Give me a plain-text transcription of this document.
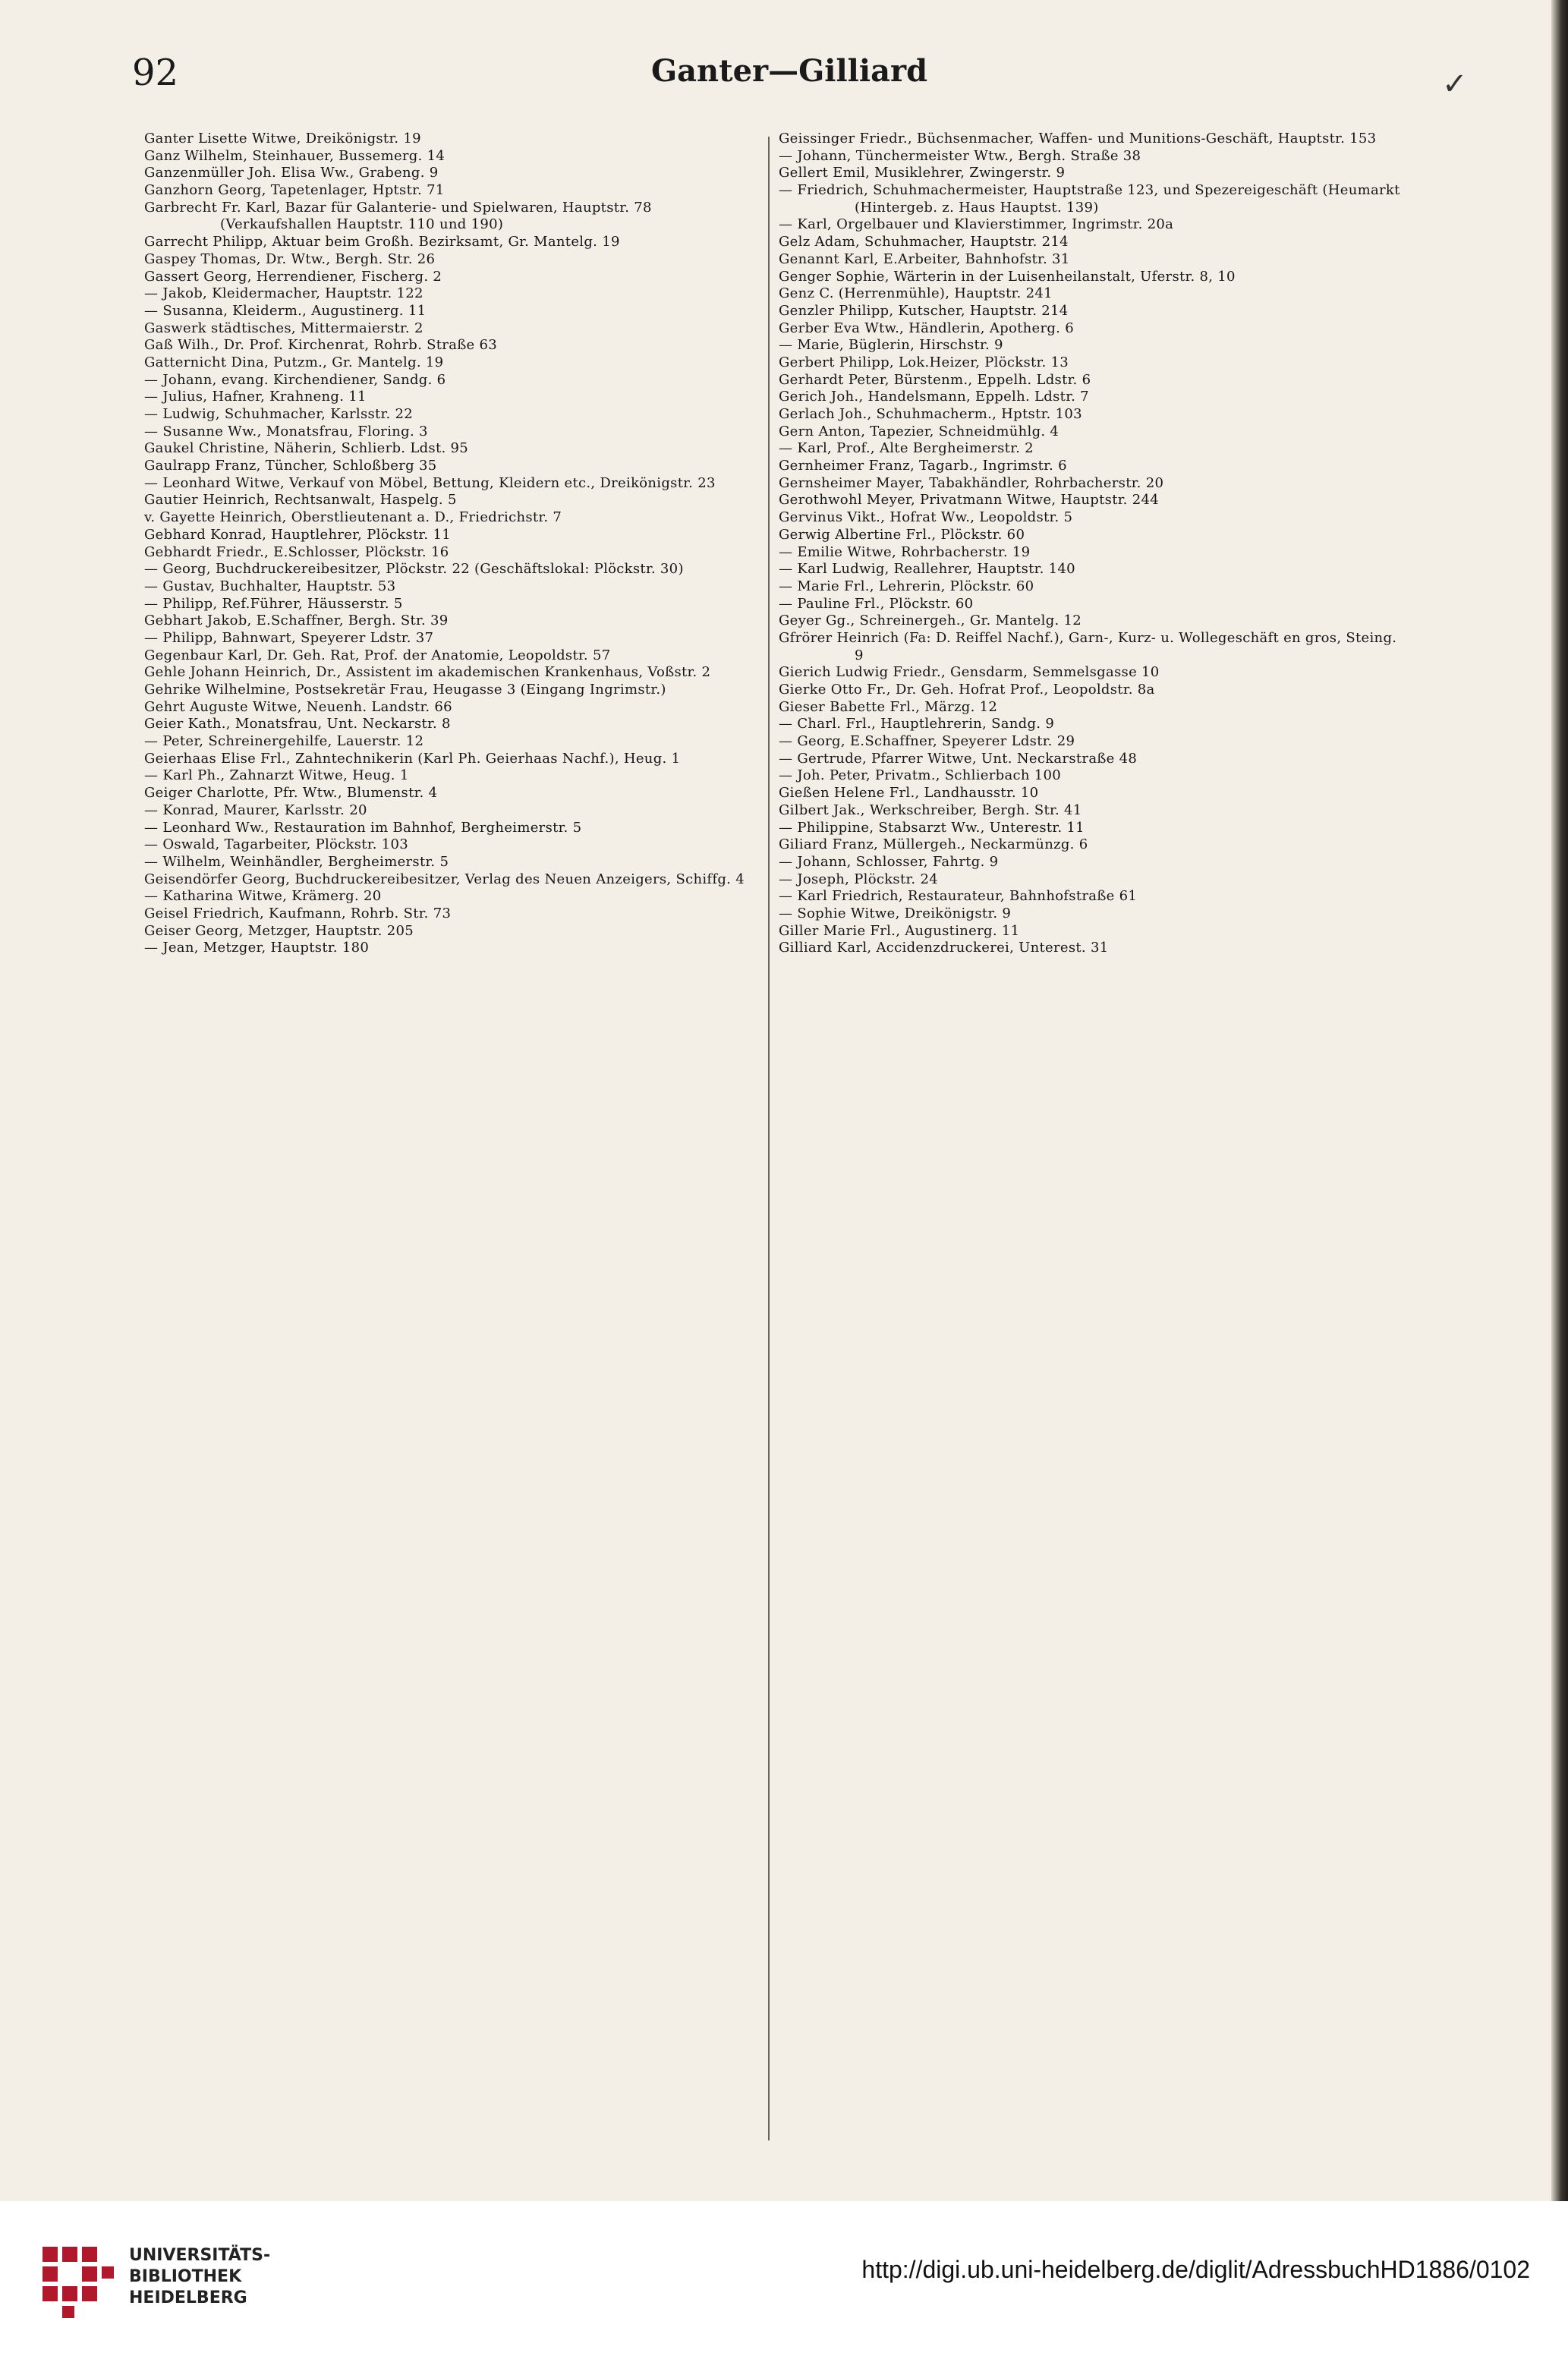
92	Ganter—Gilliard	✓
Ganter Lisette Witwe, Dreikönigstr. 19
Ganz Wilhelm, Steinhauer, Bussemerg. 14
Ganzenmüller Joh. Elisa Ww., Grabeng. 9
Ganzhorn Georg, Tapetenlager, Hptstr. 71
Garbrecht Fr. Karl, Bazar für Galanterie- und Spielwaren, Hauptstr. 78 (Verkaufshallen Hauptstr. 110 und 190)
Garrecht Philipp, Aktuar beim Großh. Bezirksamt, Gr. Mantelg. 19
Gaspey Thomas, Dr. Wtw., Bergh. Str. 26
Gassert Georg, Herrendiener, Fischerg. 2
— Jakob, Kleidermacher, Hauptstr. 122
— Susanna, Kleiderm., Augustinerg. 11
Gaswerk städtisches, Mittermaierstr. 2
Gaß Wilh., Dr. Prof. Kirchenrat, Rohrb. Straße 63
Gatternicht Dina, Putzm., Gr. Mantelg. 19
— Johann, evang. Kirchendiener, Sandg. 6
— Julius, Hafner, Krahneng. 11
— Ludwig, Schuhmacher, Karlsstr. 22
— Susanne Ww., Monatsfrau, Floring. 3
Gaukel Christine, Näherin, Schlierb. Ldst. 95
Gaulrapp Franz, Tüncher, Schloßberg 35
— Leonhard Witwe, Verkauf von Möbel, Bettung, Kleidern etc., Dreikönigstr. 23
Gautier Heinrich, Rechtsanwalt, Haspelg. 5
v. Gayette Heinrich, Oberstlieutenant a. D., Friedrichstr. 7
Gebhard Konrad, Hauptlehrer, Plöckstr. 11
Gebhardt Friedr., E.Schlosser, Plöckstr. 16
— Georg, Buchdruckereibesitzer, Plöckstr. 22 (Geschäftslokal: Plöckstr. 30)
— Gustav, Buchhalter, Hauptstr. 53
— Philipp, Ref.Führer, Häusserstr. 5
Gebhart Jakob, E.Schaffner, Bergh. Str. 39
— Philipp, Bahnwart, Speyerer Ldstr. 37
Gegenbaur Karl, Dr. Geh. Rat, Prof. der Anatomie, Leopoldstr. 57
Gehle Johann Heinrich, Dr., Assistent im akademischen Krankenhaus, Voßstr. 2
Gehrike Wilhelmine, Postsekretär Frau, Heugasse 3 (Eingang Ingrimstr.)
Gehrt Auguste Witwe, Neuenh. Landstr. 66
Geier Kath., Monatsfrau, Unt. Neckarstr. 8
— Peter, Schreinergehilfe, Lauerstr. 12
Geierhaas Elise Frl., Zahntechnikerin (Karl Ph. Geierhaas Nachf.), Heug. 1
— Karl Ph., Zahnarzt Witwe, Heug. 1
Geiger Charlotte, Pfr. Wtw., Blumenstr. 4
— Konrad, Maurer, Karlsstr. 20
— Leonhard Ww., Restauration im Bahnhof, Bergheimerstr. 5
— Oswald, Tagarbeiter, Plöckstr. 103
— Wilhelm, Weinhändler, Bergheimerstr. 5
Geisendörfer Georg, Buchdruckereibesitzer, Verlag des Neuen Anzeigers, Schiffg. 4
— Katharina Witwe, Krämerg. 20
Geisel Friedrich, Kaufmann, Rohrb. Str. 73
Geiser Georg, Metzger, Hauptstr. 205
— Jean, Metzger, Hauptstr. 180
Geissinger Friedr., Büchsenmacher, Waffen- und Munitions-Geschäft, Hauptstr. 153
— Johann, Tünchermeister Wtw., Bergh. Straße 38
Gellert Emil, Musiklehrer, Zwingerstr. 9
— Friedrich, Schuhmachermeister, Hauptstraße 123, und Spezereigeschäft (Heumarkt (Hintergeb. z. Haus Hauptst. 139)
— Karl, Orgelbauer und Klavierstimmer, Ingrimstr. 20a
Gelz Adam, Schuhmacher, Hauptstr. 214
Genannt Karl, E.Arbeiter, Bahnhofstr. 31
Genger Sophie, Wärterin in der Luisenheilanstalt, Uferstr. 8, 10
Genz C. (Herrenmühle), Hauptstr. 241
Genzler Philipp, Kutscher, Hauptstr. 214
Gerber Eva Wtw., Händlerin, Apotherg. 6
— Marie, Büglerin, Hirschstr. 9
Gerbert Philipp, Lok.Heizer, Plöckstr. 13
Gerhardt Peter, Bürstenm., Eppelh. Ldstr. 6
Gerich Joh., Handelsmann, Eppelh. Ldstr. 7
Gerlach Joh., Schuhmacherm., Hptstr. 103
Gern Anton, Tapezier, Schneidmühlg. 4
— Karl, Prof., Alte Bergheimerstr. 2
Gernheimer Franz, Tagarb., Ingrimstr. 6
Gernsheimer Mayer, Tabakhändler, Rohrbacherstr. 20
Gerothwohl Meyer, Privatmann Witwe, Hauptstr. 244
Gervinus Vikt., Hofrat Ww., Leopoldstr. 5
Gerwig Albertine Frl., Plöckstr. 60
— Emilie Witwe, Rohrbacherstr. 19
— Karl Ludwig, Reallehrer, Hauptstr. 140
— Marie Frl., Lehrerin, Plöckstr. 60
— Pauline Frl., Plöckstr. 60
Geyer Gg., Schreinergeh., Gr. Mantelg. 12
Gfrörer Heinrich (Fa: D. Reiffel Nachf.), Garn-, Kurz- u. Wollegeschäft en gros, Steing. 9
Gierich Ludwig Friedr., Gensdarm, Semmelsgasse 10
Gierke Otto Fr., Dr. Geh. Hofrat Prof., Leopoldstr. 8a
Gieser Babette Frl., Märzg. 12
— Charl. Frl., Hauptlehrerin, Sandg. 9
— Georg, E.Schaffner, Speyerer Ldstr. 29
— Gertrude, Pfarrer Witwe, Unt. Neckarstraße 48
— Joh. Peter, Privatm., Schlierbach 100
Gießen Helene Frl., Landhausstr. 10
Gilbert Jak., Werkschreiber, Bergh. Str. 41
— Philippine, Stabsarzt Ww., Unterestr. 11
Giliard Franz, Müllergeh., Neckarmünzg. 6
— Johann, Schlosser, Fahrtg. 9
— Joseph, Plöckstr. 24
— Karl Friedrich, Restaurateur, Bahnhofstraße 61
— Sophie Witwe, Dreikönigstr. 9
Giller Marie Frl., Augustinerg. 11
Gilliard Karl, Accidenzdruckerei, Unterest. 31
UNIVERSITÄTS-
BIBLIOTHEK
HEIDELBERG
http://digi.ub.uni-heidelberg.de/diglit/AdressbuchHD1886/0102
